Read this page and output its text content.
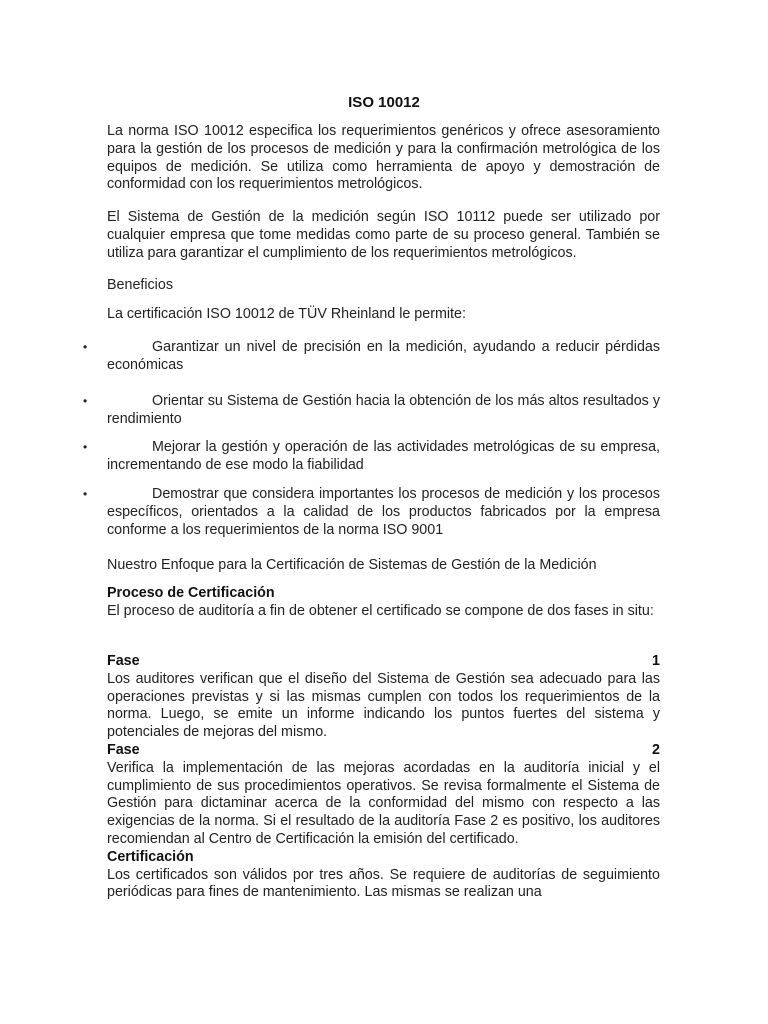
ISO 10012

La norma ISO 10012 especifica los requerimientos genéricos y ofrece asesoramiento para la gestión de los procesos de medición y para la confirmación metrológica de los equipos de medición. Se utiliza como herramienta de apoyo y demostración de conformidad con los requerimientos metrológicos.

El Sistema de Gestión de la medición según ISO 10112 puede ser utilizado por cualquier empresa que tome medidas como parte de su proceso general. También se utiliza para garantizar el cumplimiento de los requerimientos metrológicos.

Beneficios
La certificación ISO 10012 de TÜV Rheinland le permite:
•	Garantizar un nivel de precisión en la medición, ayudando a reducir pérdidas económicas
•	Orientar su Sistema de Gestión hacia la obtención de los más altos resultados y rendimiento
•	Mejorar la gestión y operación de las actividades metrológicas de su empresa, incrementando de ese modo la fiabilidad
•	Demostrar que considera importantes los procesos de medición y los procesos específicos, orientados a la calidad de los productos fabricados por la empresa conforme a los requerimientos de la norma ISO 9001
Nuestro Enfoque para la Certificación de Sistemas de Gestión de la Medición
Proceso de Certificación
El proceso de auditoría a fin de obtener el certificado se compone de dos fases in situ:
Fase	1
Los auditores verifican que el diseño del Sistema de Gestión sea adecuado para las operaciones previstas y si las mismas cumplen con todos los requerimientos de la norma. Luego, se emite un informe indicando los puntos fuertes del sistema y potenciales de mejoras del mismo.
Fase	2
Verifica la implementación de las mejoras acordadas en la auditoría inicial y el cumplimiento de sus procedimientos operativos. Se revisa formalmente el Sistema de Gestión para dictaminar acerca de la conformidad del mismo con respecto a las exigencias de la norma. Si el resultado de la auditoría Fase 2 es positivo, los auditores recomiendan al Centro de Certificación la emisión del certificado.
Certificación
Los certificados son válidos por tres años. Se requiere de auditorías de seguimiento periódicas para fines de mantenimiento. Las mismas se realizan una
